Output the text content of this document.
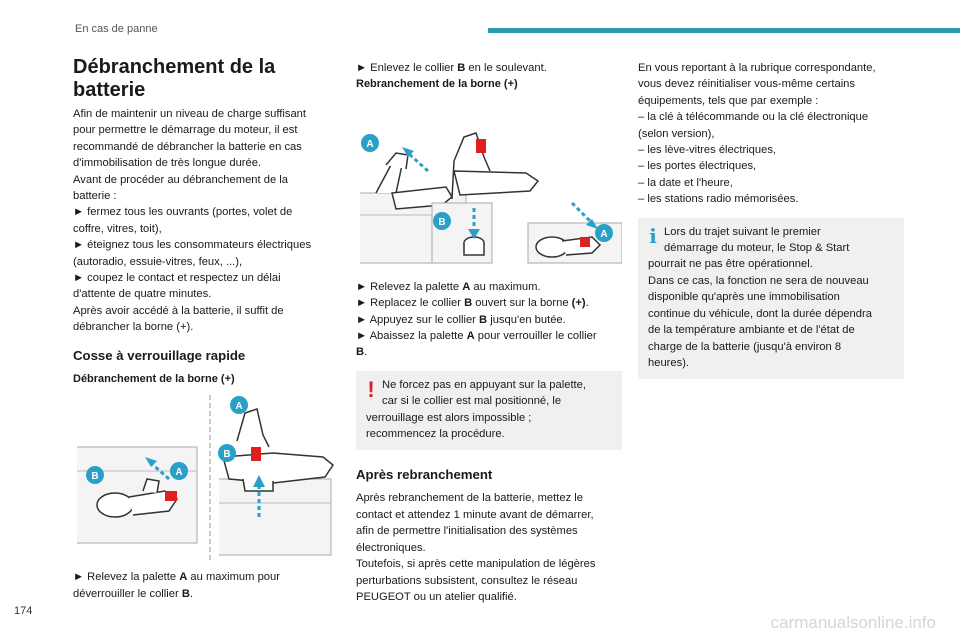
En cas de panne
Débranchement de la batterie
Afin de maintenir un niveau de charge suffisant
pour permettre le démarrage du moteur, il est
recommandé de débrancher la batterie en cas
d'immobilisation de très longue durée.
Avant de procéder au débranchement de la
batterie :
► fermez tous les ouvrants (portes, volet de
coffre, vitres, toit),
► éteignez tous les consommateurs électriques
(autoradio, essuie-vitres, feux, ...),
► coupez le contact et respectez un délai
d'attente de quatre minutes.
Après avoir accédé à la batterie, il suffit de
débrancher la borne (+).
Cosse à verrouillage rapide
Débranchement de la borne (+)
A
B
A
B
► Relevez la palette A au maximum pour
déverrouiller le collier B.
► Enlevez le collier B en le soulevant.
Rebranchement de la borne (+)
A
B
A
► Relevez la palette A au maximum.
► Replacez le collier B ouvert sur la borne (+).
► Appuyez sur le collier B jusqu'en butée.
► Abaissez la palette A pour verrouiller le collier
B.
! Ne forcez pas en appuyant sur la palette,
car si le collier est mal positionné, le
verrouillage est alors impossible ;
recommencez la procédure.
Après rebranchement
Après rebranchement de la batterie, mettez le
contact et attendez 1 minute avant de démarrer,
afin de permettre l'initialisation des systèmes
électroniques.
Toutefois, si après cette manipulation de légères
perturbations subsistent, consultez le réseau
PEUGEOT ou un atelier qualifié.
En vous reportant à la rubrique correspondante,
vous devez réinitialiser vous-même certains
équipements, tels que par exemple :
– la clé à télécommande ou la clé électronique
(selon version),
– les lève-vitres électriques,
– les portes électriques,
– la date et l'heure,
– les stations radio mémorisées.
i Lors du trajet suivant le premier
démarrage du moteur, le Stop & Start
pourrait ne pas être opérationnel.
Dans ce cas, la fonction ne sera de nouveau
disponible qu'après une immobilisation
continue du véhicule, dont la durée dépendra
de la température ambiante et de l'état de
charge de la batterie (jusqu'à environ 8
heures).
174
carmanualsonline.info
